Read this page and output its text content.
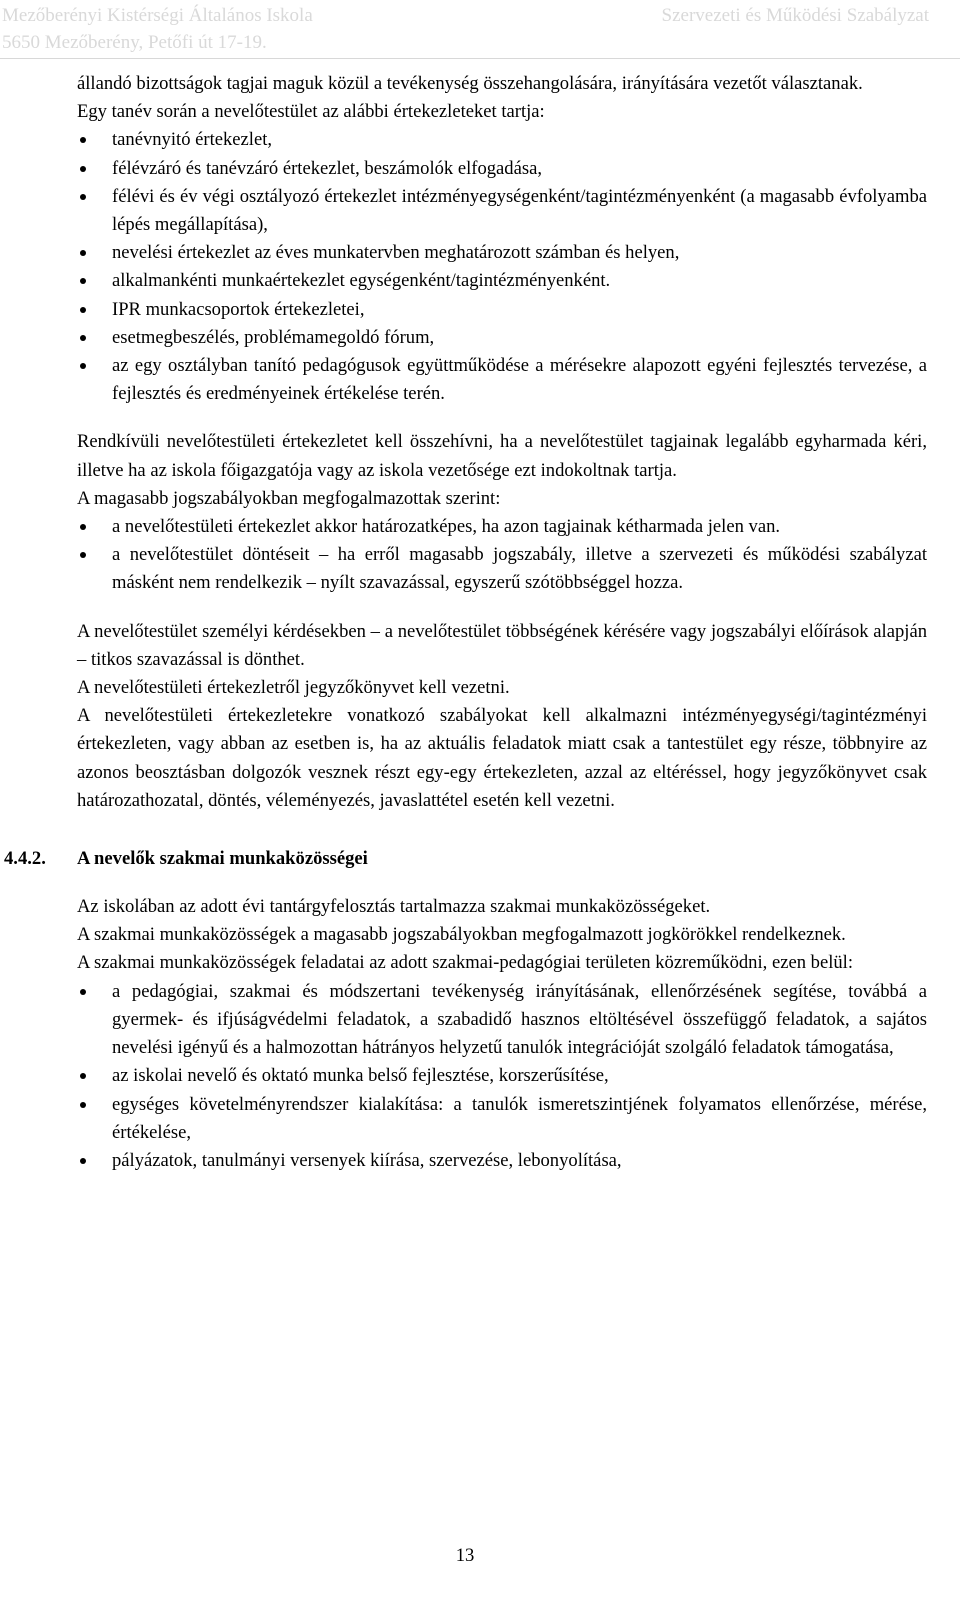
Mezőberényi Kistérségi Általános Iskola
5650 Mezőberény, Petőfi út 17-19.
Szervezeti és Működési Szabályzat

állandó bizottságok tagjai maguk közül a tevékenység összehangolására, irányítására vezetőt választanak.

Egy tanév során a nevelőtestület az alábbi értekezleteket tartja:

tanévnyitó értekezlet,
félévzáró és tanévzáró értekezlet, beszámolók elfogadása,
félévi és év végi osztályozó értekezlet intézményegységenként/tagintézményenként (a magasabb évfolyamba lépés megállapítása),
nevelési értekezlet az éves munkatervben meghatározott számban és helyen,
alkalmankénti munkaértekezlet egységenként/tagintézményenként.
IPR munkacsoportok értekezletei,
esetmegbeszélés, problémamegoldó fórum,
az egy osztályban tanító pedagógusok együttműködése a mérésekre alapozott egyéni fejlesztés tervezése, a fejlesztés és eredményeinek értékelése terén.

Rendkívüli nevelőtestületi értekezletet kell összehívni, ha a nevelőtestület tagjainak legalább egyharmada kéri, illetve ha az iskola főigazgatója vagy az iskola vezetősége ezt indokoltnak tartja.

A magasabb jogszabályokban megfogalmazottak szerint:

a nevelőtestületi értekezlet akkor határozatképes, ha azon tagjainak kétharmada jelen van.
a nevelőtestület döntéseit – ha erről magasabb jogszabály, illetve a szervezeti és működési szabályzat másként nem rendelkezik – nyílt szavazással, egyszerű szótöbbséggel hozza.

A nevelőtestület személyi kérdésekben – a nevelőtestület többségének kérésére vagy jogszabályi előírások alapján – titkos szavazással is dönthet.

A nevelőtestületi értekezletről jegyzőkönyvet kell vezetni.

A nevelőtestületi értekezletekre vonatkozó szabályokat kell alkalmazni intézményegységi/tagintézményi értekezleten, vagy abban az esetben is, ha az aktuális feladatok miatt csak a tantestület egy része, többnyire az azonos beosztásban dolgozók vesznek részt egy-egy értekezleten, azzal az eltéréssel, hogy jegyzőkönyvet csak határozathozatal, döntés, véleményezés, javaslattétel esetén kell vezetni.

4.4.2. A nevelők szakmai munkaközösségei

Az iskolában az adott évi tantárgyfelosztás tartalmazza szakmai munkaközösségeket.

A szakmai munkaközösségek a magasabb jogszabályokban megfogalmazott jogkörökkel rendelkeznek.

A szakmai munkaközösségek feladatai az adott szakmai-pedagógiai területen közreműködni, ezen belül:

a pedagógiai, szakmai és módszertani tevékenység irányításának, ellenőrzésének segítése, továbbá a gyermek- és ifjúságvédelmi feladatok, a szabadidő hasznos eltöltésével összefüggő feladatok, a sajátos nevelési igényű és a halmozottan hátrányos helyzetű tanulók integrációját szolgáló feladatok támogatása,
az iskolai nevelő és oktató munka belső fejlesztése, korszerűsítése,
egységes követelményrendszer kialakítása: a tanulók ismeretszintjének folyamatos ellenőrzése, mérése, értékelése,
pályázatok, tanulmányi versenyek kiírása, szervezése, lebonyolítása,
13
